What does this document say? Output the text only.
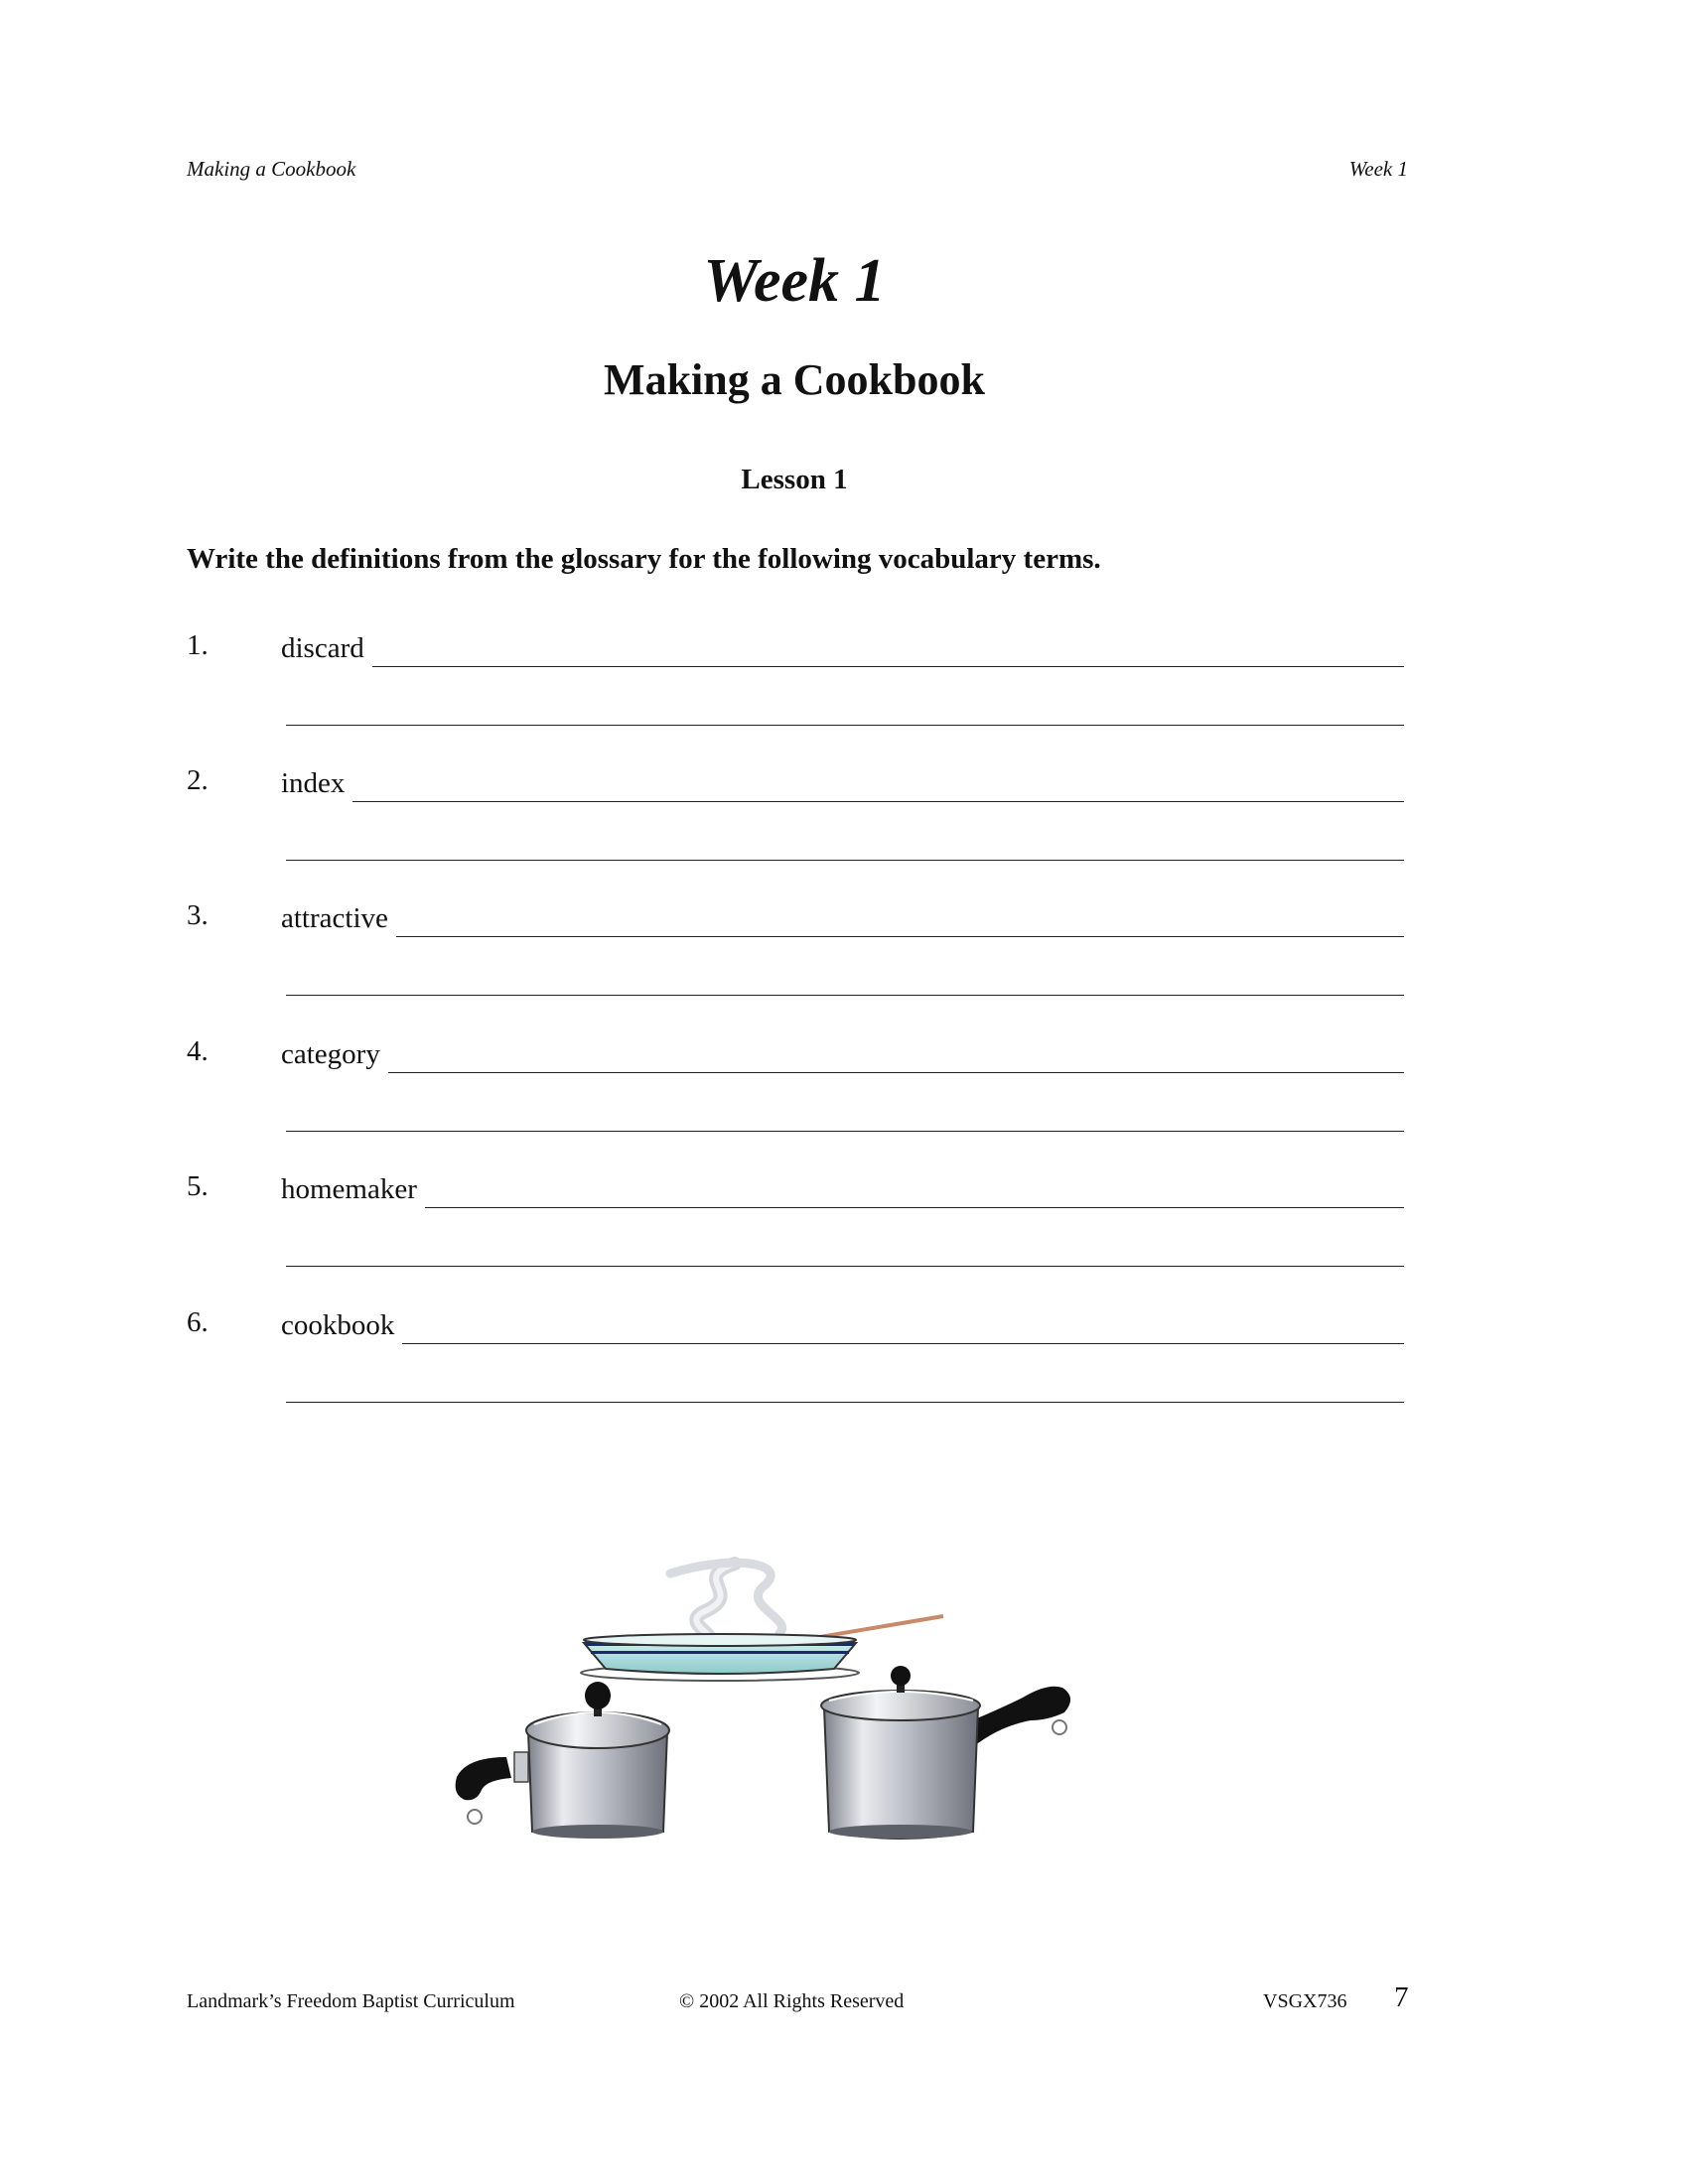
Making a Cookbook	Week 1
Week 1
Making a Cookbook
Lesson 1
Write the definitions from the glossary for the following vocabulary terms.
1.	discard
2.	index
3.	attractive
4.	category
5.	homemaker
6.	cookbook
Landmark’s Freedom Baptist Curriculum	© 2002 All Rights Reserved	VSGX736 7
